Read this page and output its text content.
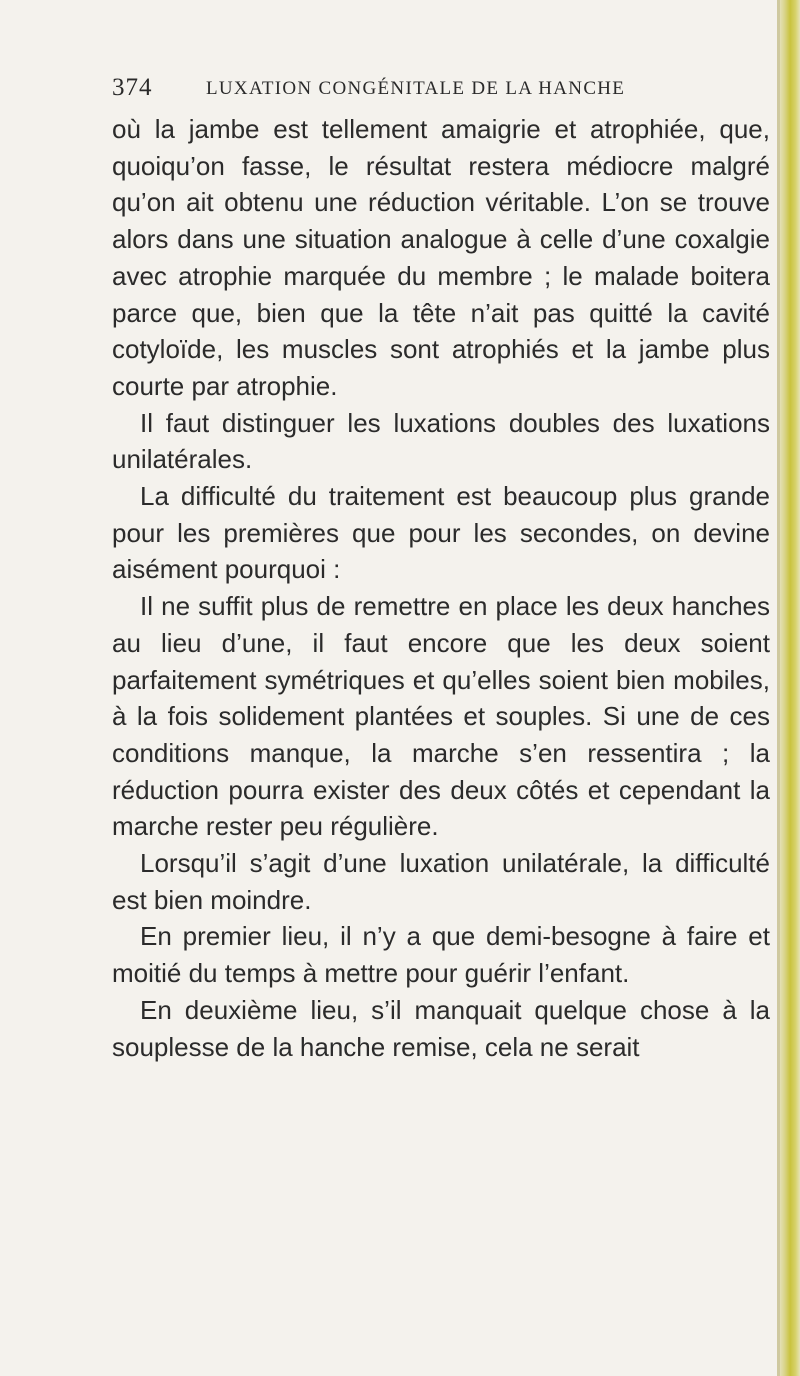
374	LUXATION CONGÉNITALE DE LA HANCHE

où la jambe est tellement amaigrie et atrophiée, que, quoiqu’on fasse, le résultat restera médiocre malgré qu’on ait obtenu une réduction véritable. L’on se trouve alors dans une situation analogue à celle d’une coxalgie avec atrophie marquée du membre ; le malade boitera parce que, bien que la tête n’ait pas quitté la cavité cotyloïde, les muscles sont atrophiés et la jambe plus courte par atrophie.

Il faut distinguer les luxations doubles des luxations unilatérales.

La difficulté du traitement est beaucoup plus grande pour les premières que pour les secondes, on devine aisément pourquoi :

Il ne suffit plus de remettre en place les deux hanches au lieu d’une, il faut encore que les deux soient parfaitement symétriques et qu’elles soient bien mobiles, à la fois solidement plantées et souples. Si une de ces conditions manque, la marche s’en ressentira ; la réduction pourra exister des deux côtés et cependant la marche rester peu régulière.

Lorsqu’il s’agit d’une luxation unilatérale, la difficulté est bien moindre.

En premier lieu, il n’y a que demi-besogne à faire et moitié du temps à mettre pour guérir l’enfant.

En deuxième lieu, s’il manquait quelque chose à la souplesse de la hanche remise, cela ne serait
